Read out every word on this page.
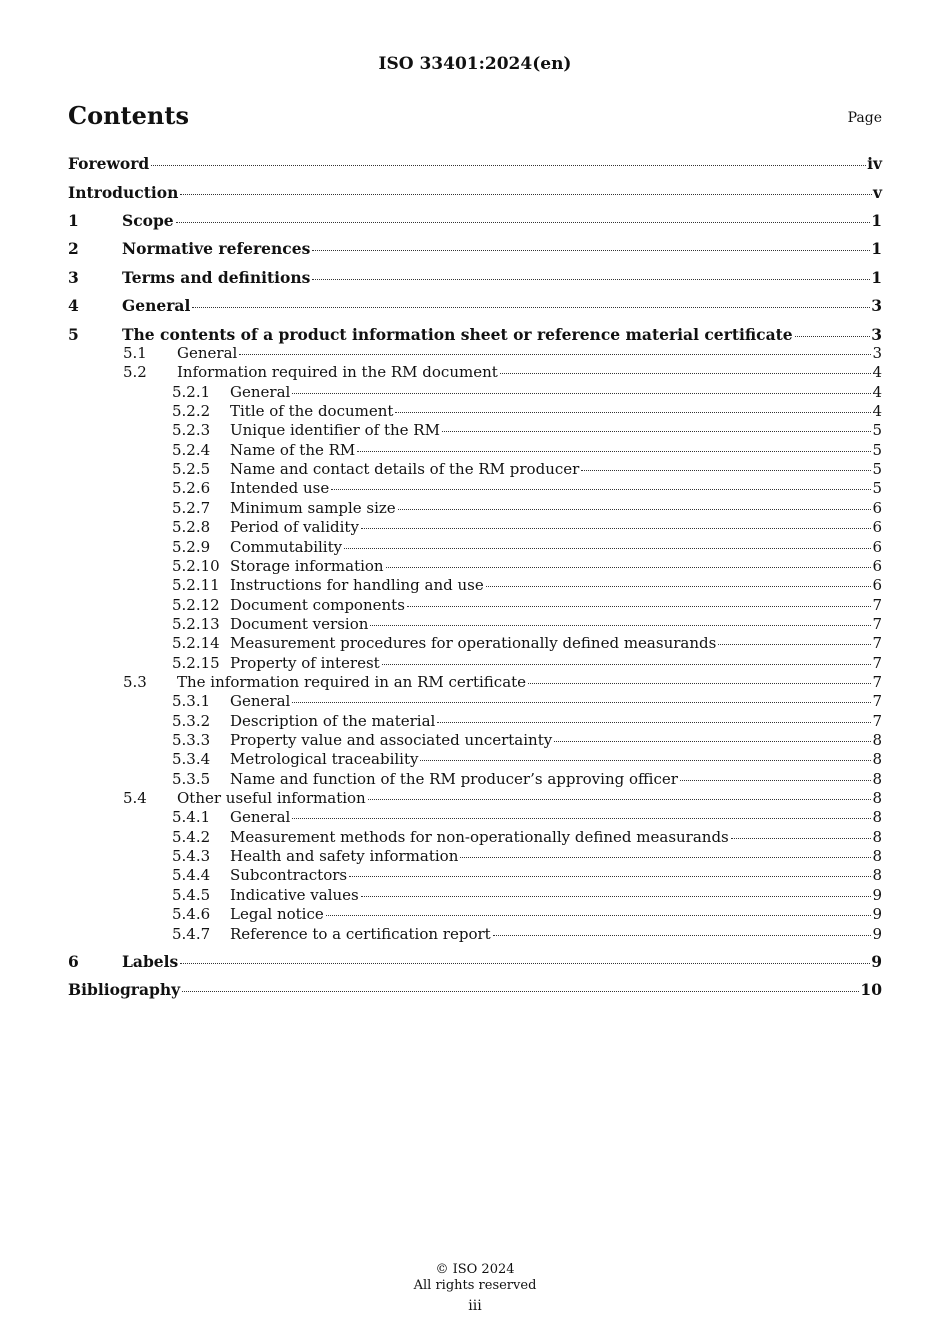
ISO 33401:2024(en)
Contents	Page
Foreword	iv
Introduction	v
1	Scope	1
2	Normative references	1
3	Terms and definitions	1
4	General	3
5	The contents of a product information sheet or reference material certificate	3
5.1	General	3
5.2	Information required in the RM document	4
5.2.1	General	4
5.2.2	Title of the document	4
5.2.3	Unique identifier of the RM	5
5.2.4	Name of the RM	5
5.2.5	Name and contact details of the RM producer	5
5.2.6	Intended use	5
5.2.7	Minimum sample size	6
5.2.8	Period of validity	6
5.2.9	Commutability	6
5.2.10 Storage information	6
5.2.11 Instructions for handling and use	6
5.2.12 Document components	7
5.2.13 Document version	7
5.2.14 Measurement procedures for operationally defined measurands	7
5.2.15 Property of interest	7
5.3	The information required in an RM certificate	7
5.3.1	General	7
5.3.2	Description of the material	7
5.3.3	Property value and associated uncertainty	8
5.3.4	Metrological traceability	8
5.3.5	Name and function of the RM producer’s approving officer	8
5.4	Other useful information	8
5.4.1	General	8
5.4.2	Measurement methods for non-operationally defined measurands	8
5.4.3	Health and safety information	8
5.4.4	Subcontractors	8
5.4.5	Indicative values	9
5.4.6	Legal notice	9
5.4.7	Reference to a certification report	9
6	Labels	9
Bibliography	10
© ISO 2024
All rights reserved
iii
